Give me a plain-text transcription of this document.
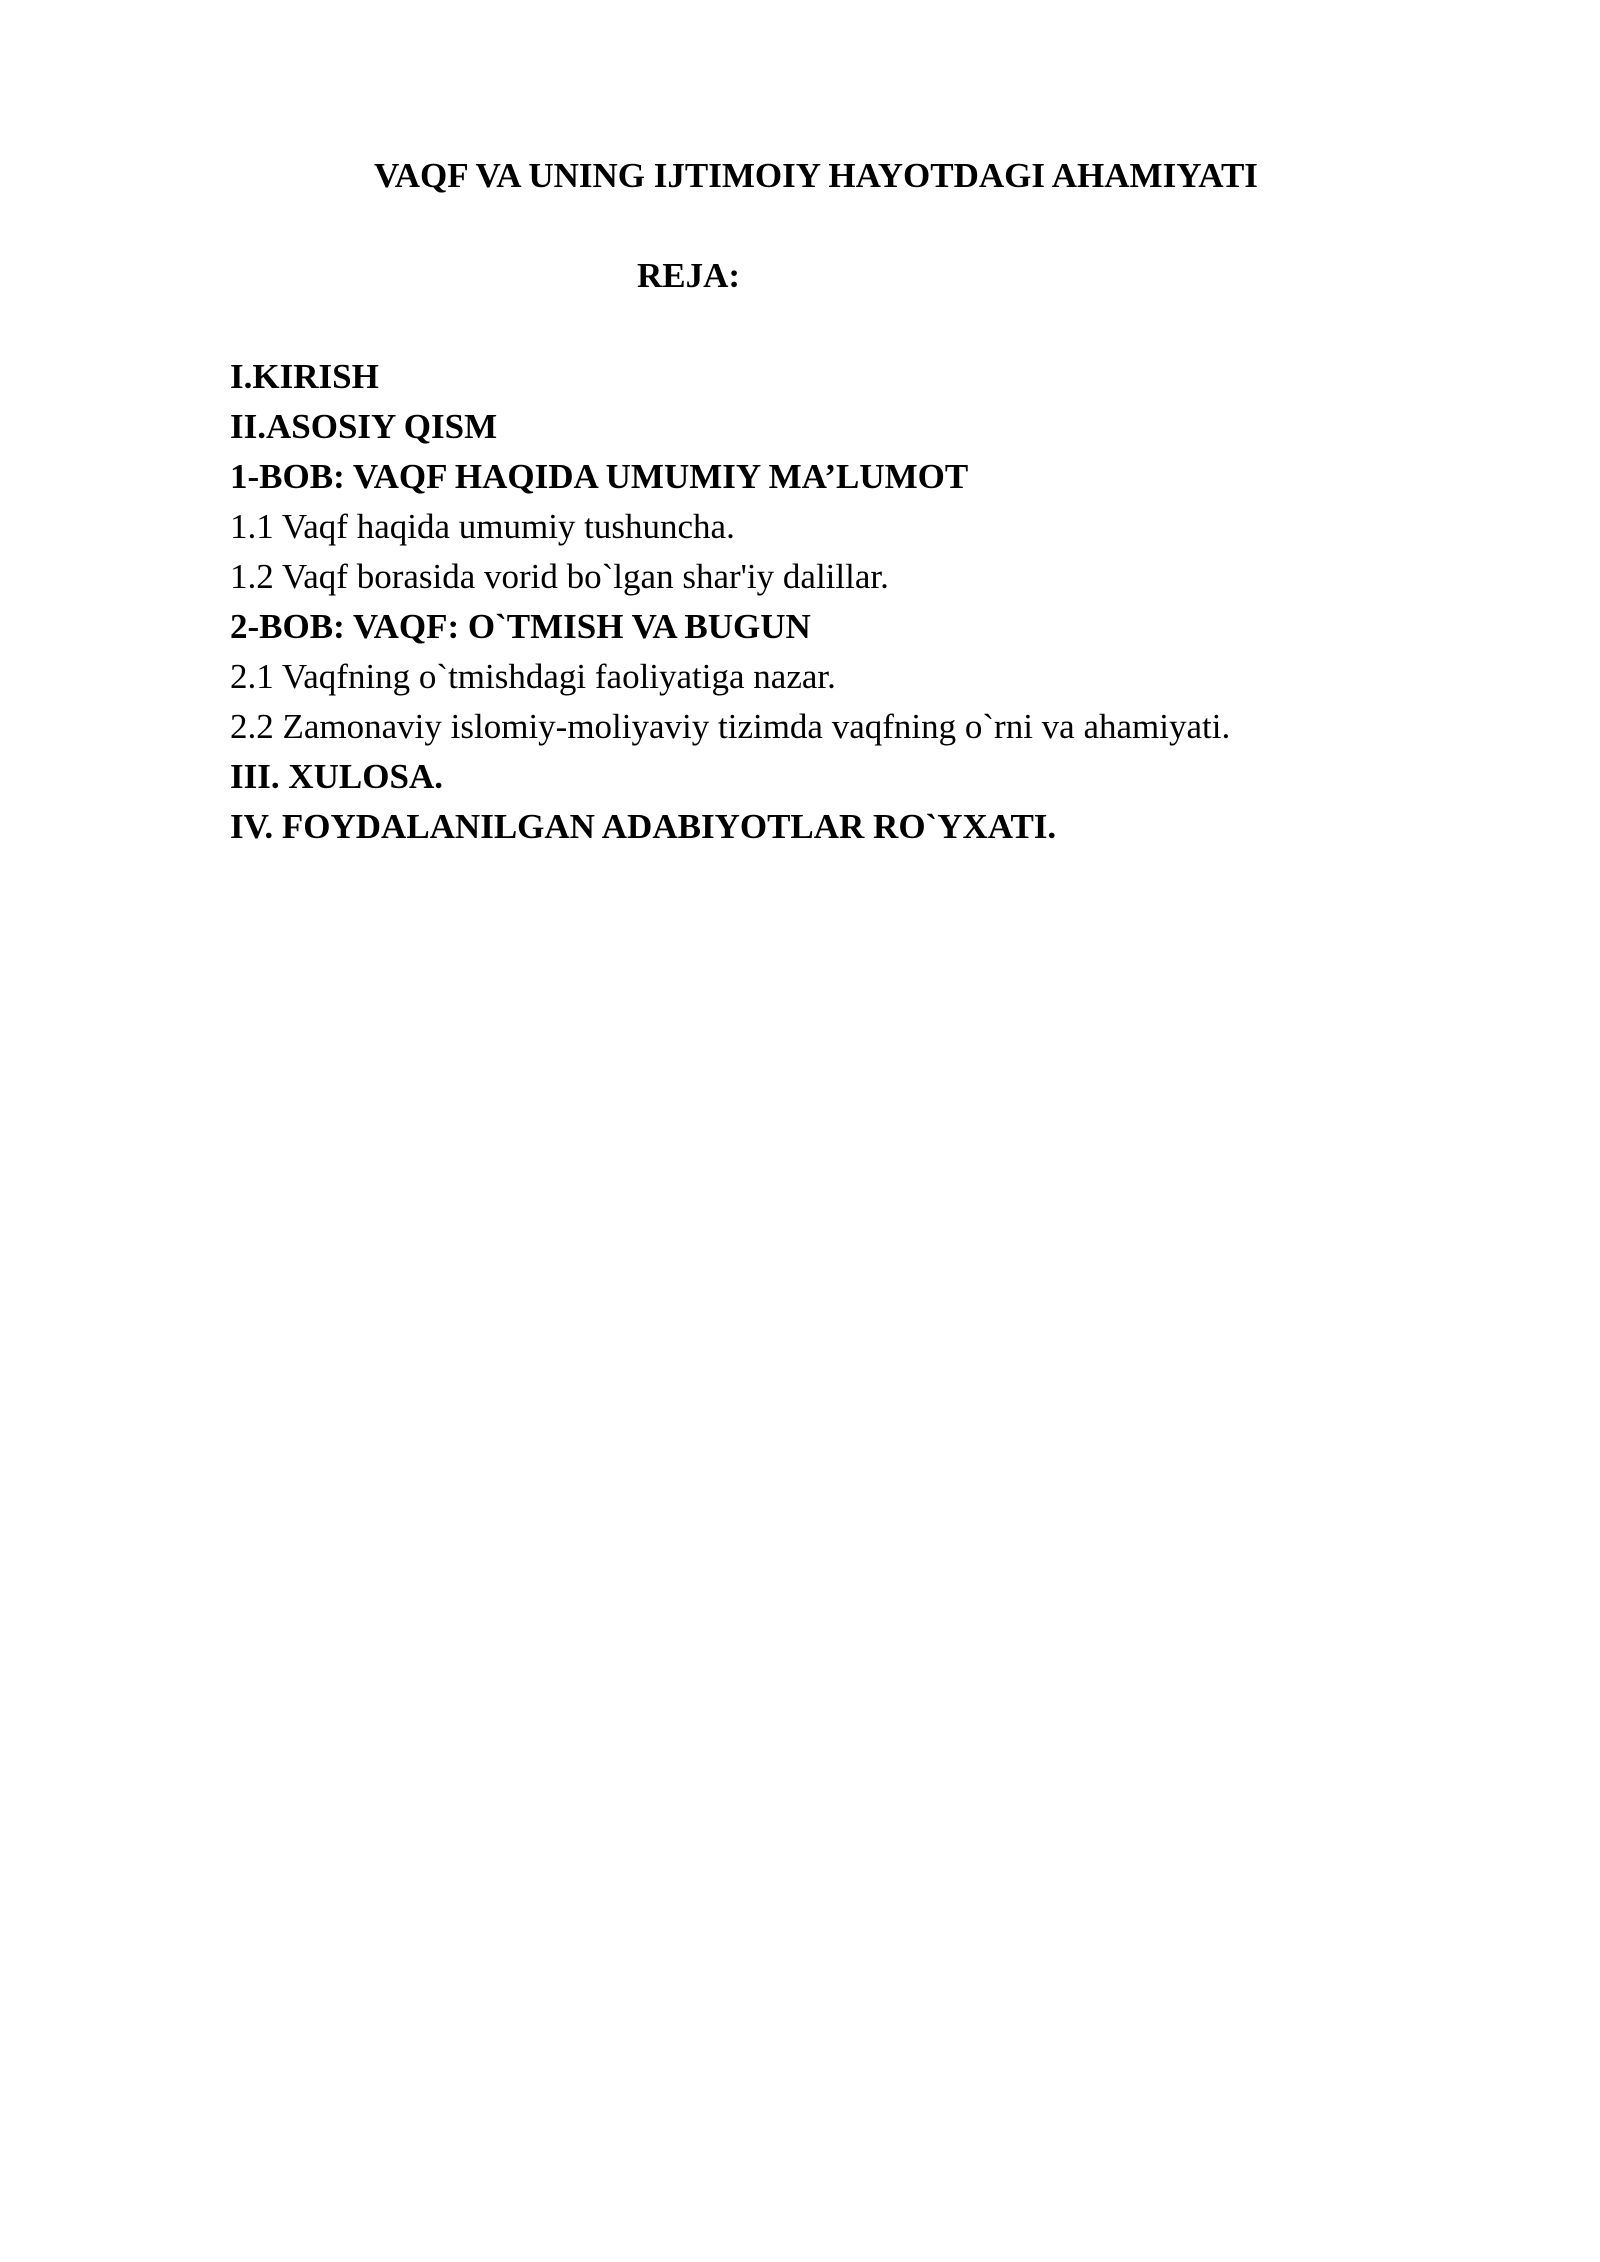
VAQF VA UNING IJTIMOIY HAYOTDAGI AHAMIYATI
REJA:
I.KIRISH
II.ASOSIY QISM
1-BOB: VAQF HAQIDA UMUMIY MA’LUMOT
1.1 Vaqf haqida umumiy tushuncha.
1.2 Vaqf borasida vorid bo`lgan shar'iy dalillar.
2-BOB: VAQF: O`TMISH VA BUGUN
2.1 Vaqfning o`tmishdagi faoliyatiga nazar.
2.2 Zamonaviy islomiy-moliyaviy tizimda vaqfning o`rni va ahamiyati.
III. XULOSA.
IV. FOYDALANILGAN ADABIYOTLAR RO`YXATI.
